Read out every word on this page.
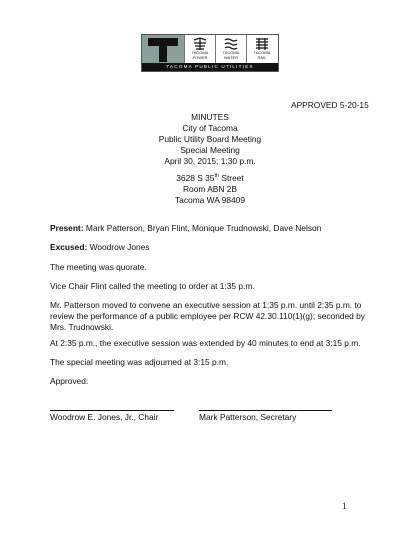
TACOMA
POWER
TACOMA
WATER
TACOMA
RAIL
TACOMA PUBLIC UTILITIES
APPROVED 5-20-15
MINUTES
City of Tacoma
Public Utility Board Meeting
Special Meeting
April 30, 2015; 1:30 p.m.
3628 S 35th Street
Room ABN 2B
Tacoma WA 98409
Present: Mark Patterson, Bryan Flint, Monique Trudnowski, Dave Nelson
Excused: Woodrow Jones
The meeting was quorate.
Vice Chair Flint called the meeting to order at 1:35 p.m.
Mr. Patterson moved to convene an executive session at 1:35 p.m. until 2:35 p.m. to review the performance of a public employee per RCW 42.30.110(1)(g); seconded by Mrs. Trudnowski.
At 2:35 p.m., the executive session was extended by 40 minutes to end at 3:15 p.m.
The special meeting was adjourned at 3:15 p.m.
Approved:
Woodrow E. Jones, Jr., Chair	Mark Patterson, Secretary
1
